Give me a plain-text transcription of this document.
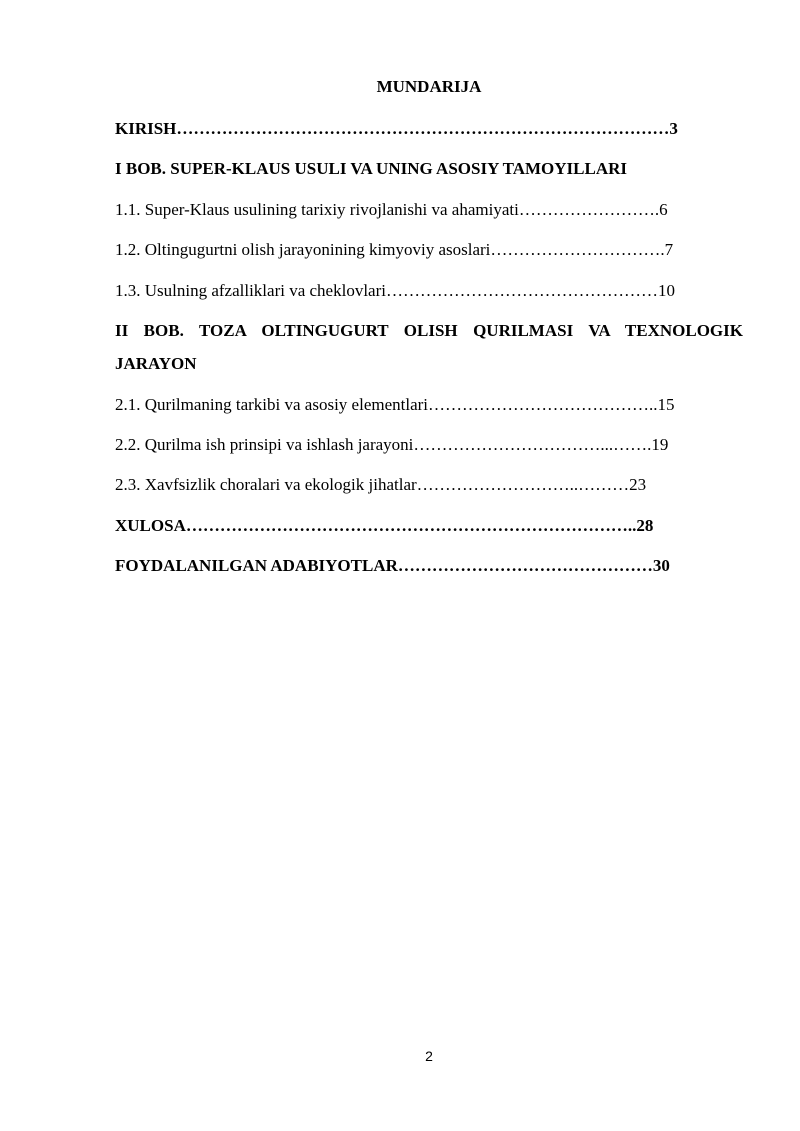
MUNDARIJA
KIRISH……………………………………………………………………………3
I BOB. SUPER-KLAUS USULI VA UNING ASOSIY TAMOYILLARI
1.1. Super-Klaus usulining tarixiy rivojlanishi va ahamiyati…………………….6
1.2. Oltingugurtni olish jarayonining kimyoviy asoslari………………………….7
1.3. Usulning afzalliklari va cheklovlari…………………………………………10
II BOB. TOZA OLTINGUGURT OLISH QURILMASI VA TEXNOLOGIK JARAYON
2.1. Qurilmaning tarkibi va asosiy elementlari…………………………………..15
2.2. Qurilma ish prinsipi va ishlash jarayoni……………………………...…….19
2.3. Xavfsizlik choralari va ekologik jihatlar………………………..………23
XULOSA……………………………………………………………………..28
FOYDALANILGAN ADABIYOTLAR………………………………………30
2
